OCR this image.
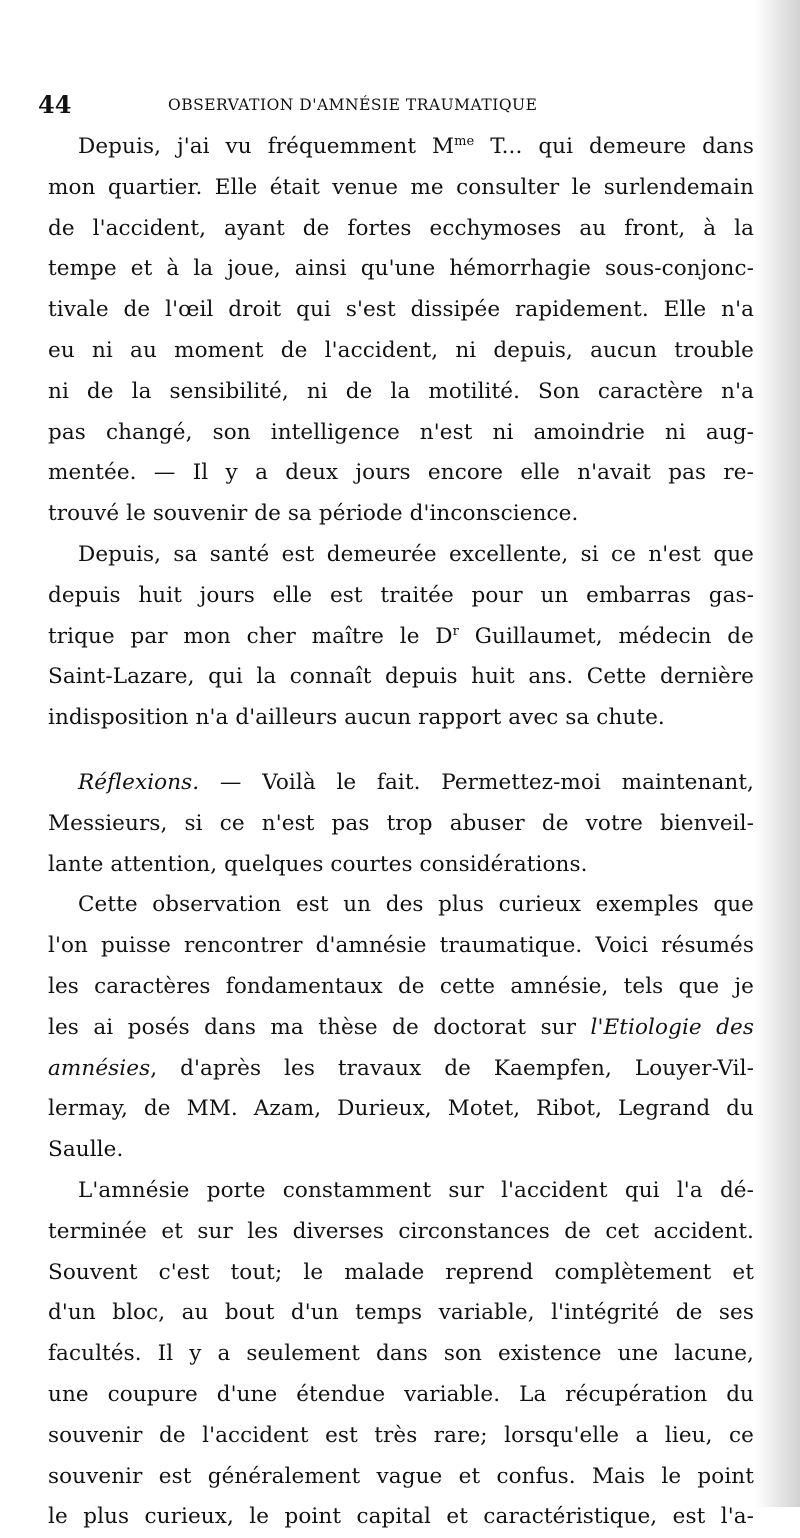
44	OBSERVATION D'AMNÉSIE TRAUMATIQUE
Depuis, j'ai vu fréquemment $M^{me}$ T... qui demeure dans
mon quartier. Elle était venue me consulter le surlendemain
de l'accident, ayant de fortes ecchymoses au front, à la
tempe et à la joue, ainsi qu'une hémorrhagie sous-conjonc-
tivale de l'œil droit qui s'est dissipée rapidement. Elle n'a
eu ni au moment de l'accident, ni depuis, aucun trouble
ni de la sensibilité, ni de la motilité. Son caractère n'a
pas changé, son intelligence n'est ni amoindrie ni aug-
mentée. — Il y a deux jours encore elle n'avait pas re-
trouvé le souvenir de sa période d'inconscience.
Depuis, sa santé est demeurée excellente, si ce n'est que
depuis huit jours elle est traitée pour un embarras gas-
trique par mon cher maître le $D^r$ Guillaumet, médecin de
Saint-Lazare, qui la connaît depuis huit ans. Cette dernière
indisposition n'a d'ailleurs aucun rapport avec sa chute.
Réflexions. — Voilà le fait. Permettez-moi maintenant,
Messieurs, si ce n'est pas trop abuser de votre bienveil-
lante attention, quelques courtes considérations.
Cette observation est un des plus curieux exemples que
l'on puisse rencontrer d'amnésie traumatique. Voici résumés
les caractères fondamentaux de cette amnésie, tels que je
les ai posés dans ma thèse de doctorat sur l'Etiologie des
amnésies, d'après les travaux de Kaempfen, Louyer-Vil-
lermay, de MM. Azam, Durieux, Motet, Ribot, Legrand du
Saulle.
L'amnésie porte constamment sur l'accident qui l'a dé-
terminée et sur les diverses circonstances de cet accident.
Souvent c'est tout; le malade reprend complètement et
d'un bloc, au bout d'un temps variable, l'intégrité de ses
facultés. Il y a seulement dans son existence une lacune,
une coupure d'une étendue variable. La récupération du
souvenir de l'accident est très rare; lorsqu'elle a lieu, ce
souvenir est généralement vague et confus. Mais le point
le plus curieux, le point capital et caractéristique, est l'a-
